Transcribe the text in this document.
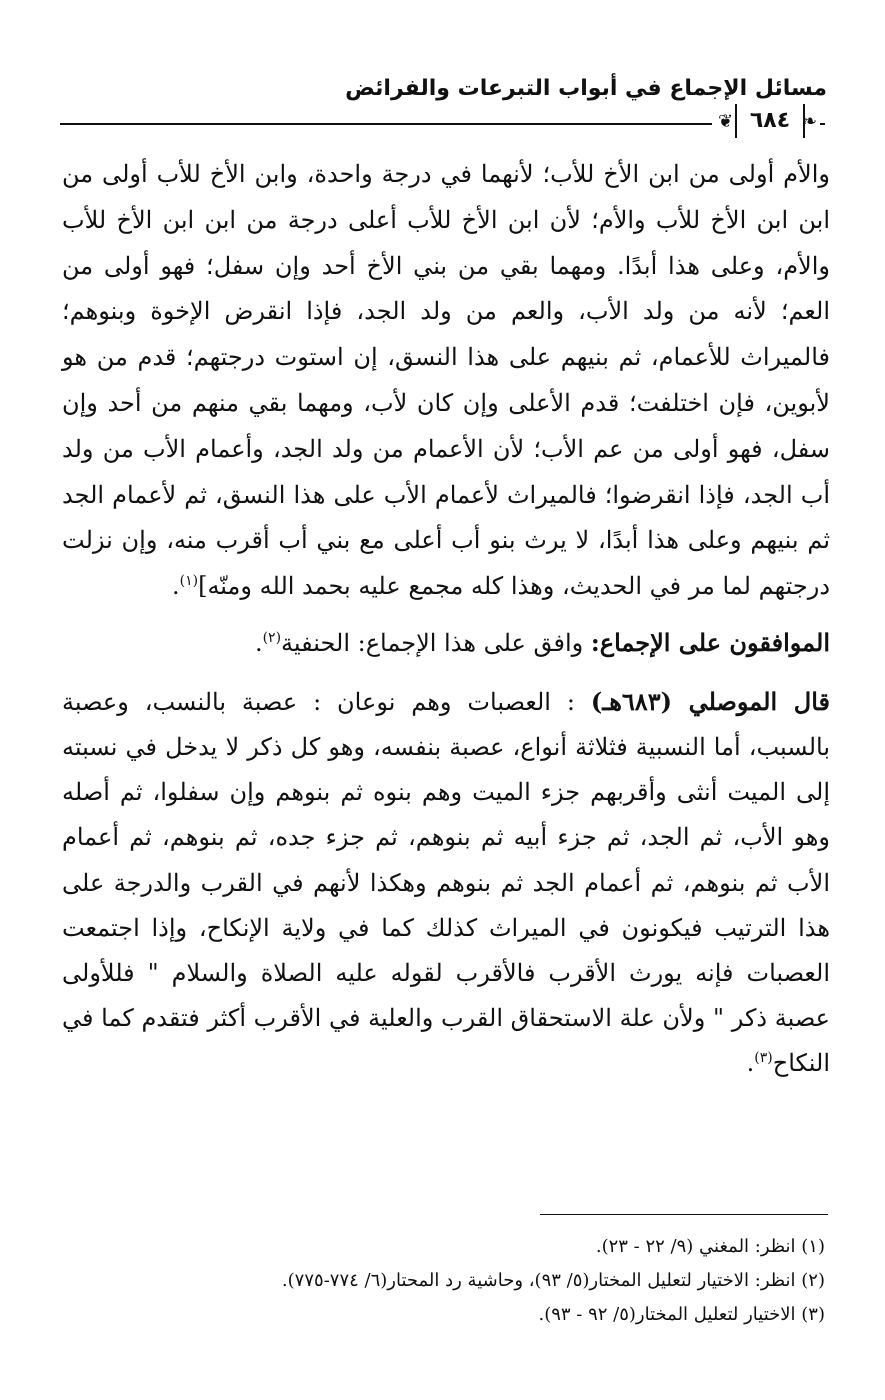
مسائل الإجماع في أبواب التبرعات والفرائض
❦	❧
٦٨٤

والأم أولى من ابن الأخ للأب؛ لأنهما في درجة واحدة، وابن الأخ للأب أولى من ابن ابن الأخ للأب والأم؛ لأن ابن الأخ للأب أعلى درجة من ابن ابن الأخ للأب والأم، وعلى هذا أبدًا. ومهما بقي من بني الأخ أحد وإن سفل؛ فهو أولى من العم؛ لأنه من ولد الأب، والعم من ولد الجد، فإذا انقرض الإخوة وبنوهم؛ فالميراث للأعمام، ثم بنيهم على هذا النسق، إن استوت درجتهم؛ قدم من هو لأبوين، فإن اختلفت؛ قدم الأعلى وإن كان لأب، ومهما بقي منهم من أحد وإن سفل، فهو أولى من عم الأب؛ لأن الأعمام من ولد الجد، وأعمام الأب من ولد أب الجد، فإذا انقرضوا؛ فالميراث لأعمام الأب على هذا النسق، ثم لأعمام الجد ثم بنيهم وعلى هذا أبدًا، لا يرث بنو أب أعلى مع بني أب أقرب منه، وإن نزلت درجتهم لما مر في الحديث، وهذا كله مجمع عليه بحمد الله ومنّه]$^{(١)}$.

الموافقون على الإجماع: وافق على هذا الإجماع: الحنفية$^{(٢)}$.

قال الموصلي (٦٨٣هـ) : العصبات وهم نوعان : عصبة بالنسب، وعصبة بالسبب، أما النسبية فثلاثة أنواع، عصبة بنفسه، وهو كل ذكر لا يدخل في نسبته إلى الميت أنثى وأقربهم جزء الميت وهم بنوه ثم بنوهم وإن سفلوا، ثم أصله وهو الأب، ثم الجد، ثم جزء أبيه ثم بنوهم، ثم جزء جده، ثم بنوهم، ثم أعمام الأب ثم بنوهم، ثم أعمام الجد ثم بنوهم وهكذا لأنهم في القرب والدرجة على هذا الترتيب فيكونون في الميراث كذلك كما في ولاية الإنكاح، وإذا اجتمعت العصبات فإنه يورث الأقرب فالأقرب لقوله عليه الصلاة والسلام " فللأولى عصبة ذكر " ولأن علة الاستحقاق القرب والعلية في الأقرب أكثر فتقدم كما في النكاح$^{(٣)}$.

(١) انظر: المغني (٩/ ٢٢ - ٢٣).
(٢) انظر: الاختيار لتعليل المختار(٥/ ٩٣)، وحاشية رد المحتار(٦/ ٧٧٤-٧٧٥).
(٣) الاختيار لتعليل المختار(٥/ ٩٢ - ٩٣).
